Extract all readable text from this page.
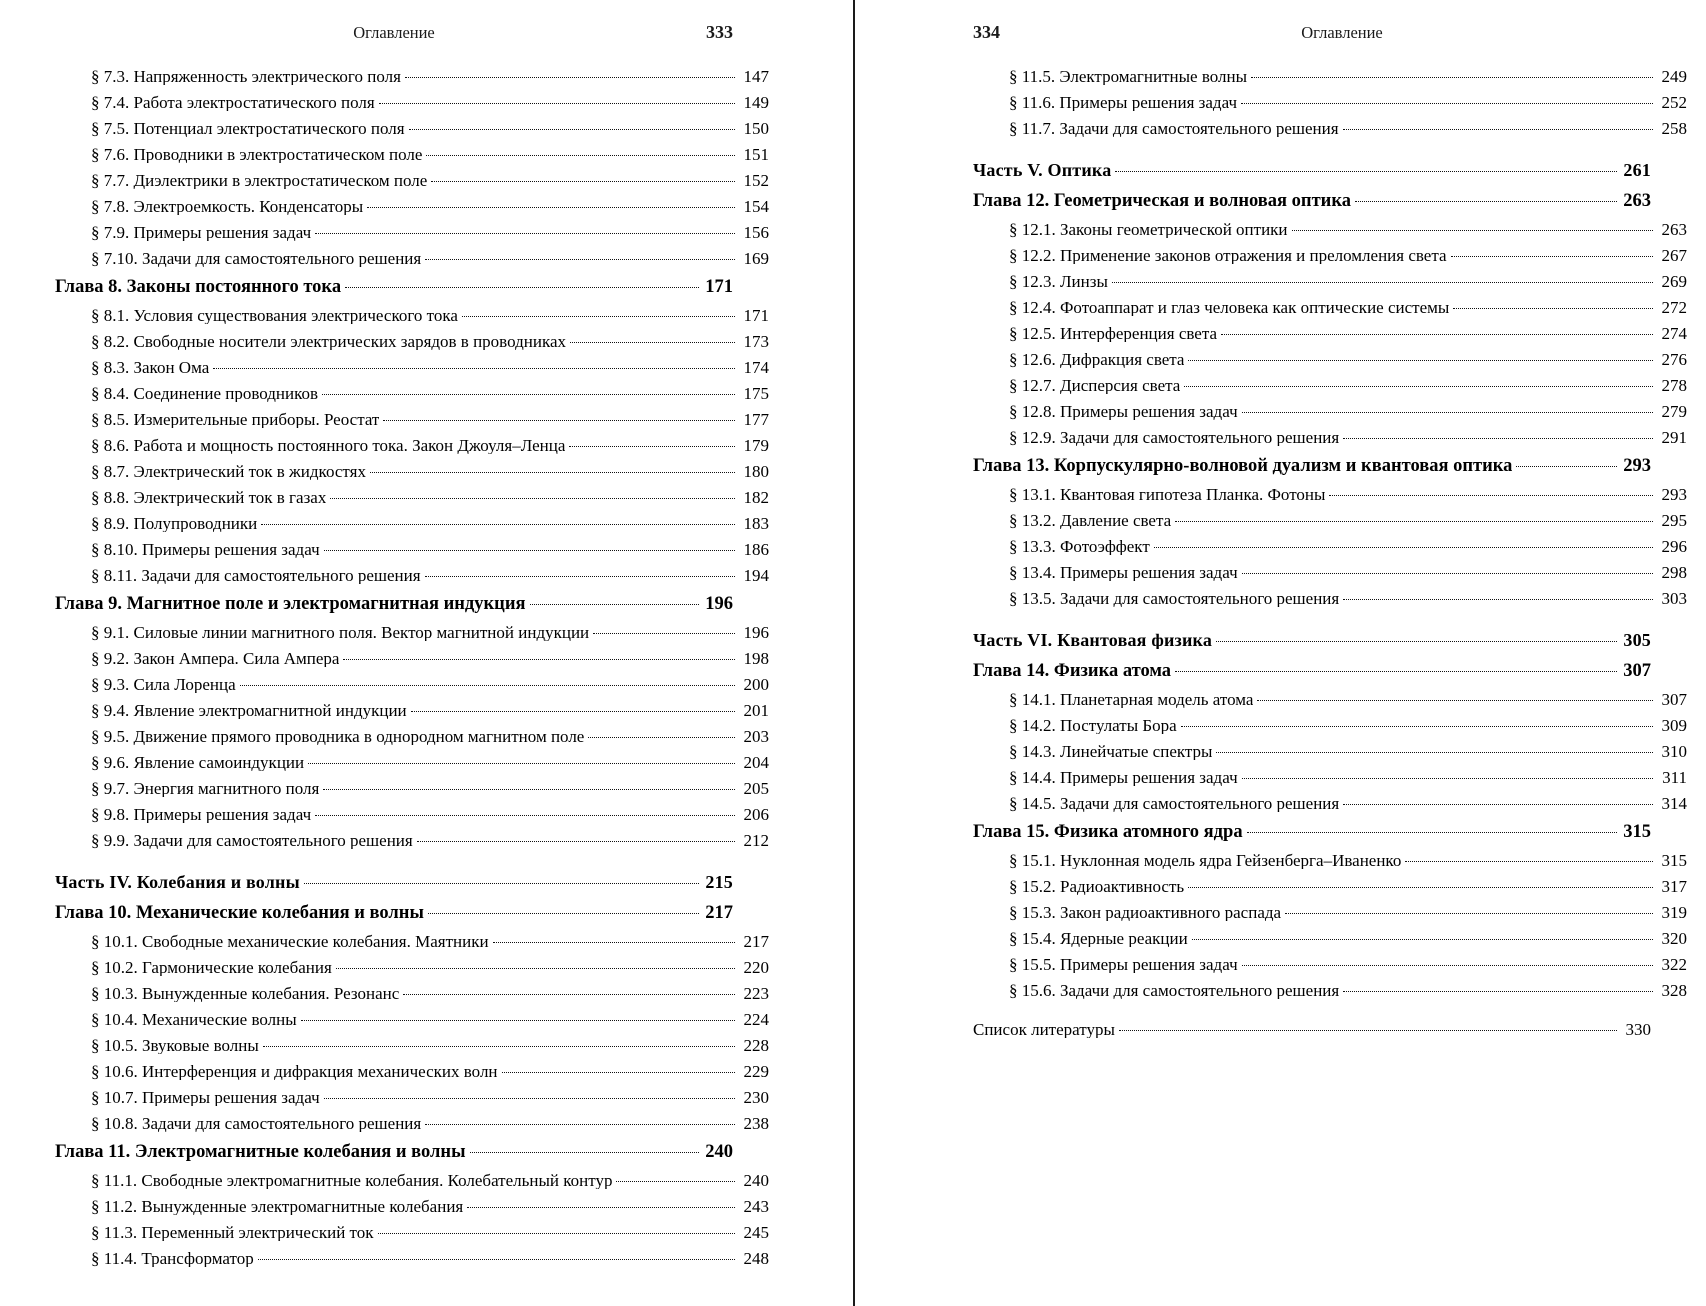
Оглавление	333
§ 7.3. Напряженность электрического поля	147
§ 7.4. Работа электростатического поля	149
§ 7.5. Потенциал электростатического поля	150
§ 7.6. Проводники в электростатическом поле	151
§ 7.7. Диэлектрики в электростатическом поле	152
§ 7.8. Электроемкость. Конденсаторы	154
§ 7.9. Примеры решения задач	156
§ 7.10. Задачи для самостоятельного решения	169
Глава 8. Законы постоянного тока	171
§ 8.1. Условия существования электрического тока	171
§ 8.2. Свободные носители электрических зарядов в проводниках	173
§ 8.3. Закон Ома	174
§ 8.4. Соединение проводников	175
§ 8.5. Измерительные приборы. Реостат	177
§ 8.6. Работа и мощность постоянного тока. Закон Джоуля–Ленца	179
§ 8.7. Электрический ток в жидкостях	180
§ 8.8. Электрический ток в газах	182
§ 8.9. Полупроводники	183
§ 8.10. Примеры решения задач	186
§ 8.11. Задачи для самостоятельного решения	194
Глава 9. Магнитное поле и электромагнитная индукция	196
§ 9.1. Силовые линии магнитного поля. Вектор магнитной индукции	196
§ 9.2. Закон Ампера. Сила Ампера	198
§ 9.3. Сила Лоренца	200
§ 9.4. Явление электромагнитной индукции	201
§ 9.5. Движение прямого проводника в однородном магнитном поле	203
§ 9.6. Явление самоиндукции	204
§ 9.7. Энергия магнитного поля	205
§ 9.8. Примеры решения задач	206
§ 9.9. Задачи для самостоятельного решения	212
Часть IV. Колебания и волны	215
Глава 10. Механические колебания и волны	217
§ 10.1. Свободные механические колебания. Маятники	217
§ 10.2. Гармонические колебания	220
§ 10.3. Вынужденные колебания. Резонанс	223
§ 10.4. Механические волны	224
§ 10.5. Звуковые волны	228
§ 10.6. Интерференция и дифракция механических волн	229
§ 10.7. Примеры решения задач	230
§ 10.8. Задачи для самостоятельного решения	238
Глава 11. Электромагнитные колебания и волны	240
§ 11.1. Свободные электромагнитные колебания. Колебательный контур	240
§ 11.2. Вынужденные электромагнитные колебания	243
§ 11.3. Переменный электрический ток	245
§ 11.4. Трансформатор	248
334	Оглавление
§ 11.5. Электромагнитные волны	249
§ 11.6. Примеры решения задач	252
§ 11.7. Задачи для самостоятельного решения	258
Часть V. Оптика	261
Глава 12. Геометрическая и волновая оптика	263
§ 12.1. Законы геометрической оптики	263
§ 12.2. Применение законов отражения и преломления света	267
§ 12.3. Линзы	269
§ 12.4. Фотоаппарат и глаз человека как оптические системы	272
§ 12.5. Интерференция света	274
§ 12.6. Дифракция света	276
§ 12.7. Дисперсия света	278
§ 12.8. Примеры решения задач	279
§ 12.9. Задачи для самостоятельного решения	291
Глава 13. Корпускулярно-волновой дуализм и квантовая оптика	293
§ 13.1. Квантовая гипотеза Планка. Фотоны	293
§ 13.2. Давление света	295
§ 13.3. Фотоэффект	296
§ 13.4. Примеры решения задач	298
§ 13.5. Задачи для самостоятельного решения	303
Часть VI. Квантовая физика	305
Глава 14. Физика атома	307
§ 14.1. Планетарная модель атома	307
§ 14.2. Постулаты Бора	309
§ 14.3. Линейчатые спектры	310
§ 14.4. Примеры решения задач	311
§ 14.5. Задачи для самостоятельного решения	314
Глава 15. Физика атомного ядра	315
§ 15.1. Нуклонная модель ядра Гейзенберга–Иваненко	315
§ 15.2. Радиоактивность	317
§ 15.3. Закон радиоактивного распада	319
§ 15.4. Ядерные реакции	320
§ 15.5. Примеры решения задач	322
§ 15.6. Задачи для самостоятельного решения	328
Список литературы	330
